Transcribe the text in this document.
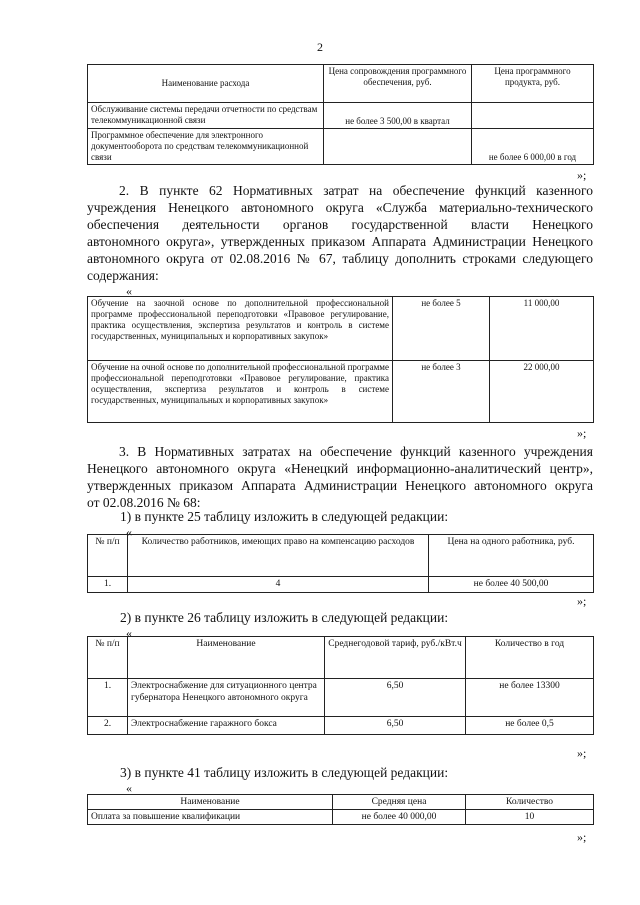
2
Наименование расхода	Цена сопровождения программного обеспечения, руб.	Цена программного продукта, руб.
Обслуживание системы передачи отчетности по средствам телекоммуникационной связи	не более 3 500,00 в квартал	
Программное обеспечение для электронного документооборота по средствам телекоммуникационной связи		не более 6 000,00 в год
»;
2. В пункте 62 Нормативных затрат на обеспечение функций казенного
учреждения Ненецкого автономного округа «Служба материально-технического
обеспечения деятельности органов государственной власти Ненецкого
автономного округа», утвержденных приказом Аппарата Администрации Ненецкого
автономного округа от 02.08.2016 № 67, таблицу дополнить строками следующего
содержания:
«
Обучение на заочной основе по дополнительной профессиональной программе профессиональной переподготовки «Правовое регулирование, практика осуществления, экспертиза результатов и контроль в системе государственных, муниципальных и корпоративных закупок»	не более 5	11 000,00
Обучение на очной основе по дополнительной профессиональной программе профессиональной переподготовки «Правовое регулирование, практика осуществления, экспертиза результатов и контроль в системе государственных, муниципальных и корпоративных закупок»	не более 3	22 000,00
»;
3. В Нормативных затратах на обеспечение функций казенного учреждения
Ненецкого автономного округа «Ненецкий информационно-аналитический центр»,
утвержденных приказом Аппарата Администрации Ненецкого автономного округа
от 02.08.2016 № 68:
1) в пункте 25 таблицу изложить в следующей редакции:
«
№ п/п	Количество работников, имеющих право на компенсацию расходов	Цена на одного работника, руб.
1.	4	не более 40 500,00
»;
2) в пункте 26 таблицу изложить в следующей редакции:
«
№ п/п	Наименование	Среднегодовой тариф, руб./кВт.ч	Количество в год
1.	Электроснабжение для ситуационного центра губернатора Ненецкого автономного округа	6,50	не более 13300
2.	Электроснабжение гаражного бокса	6,50	не более 0,5
»;
3) в пункте 41 таблицу изложить в следующей редакции:
«
Наименование	Средняя цена	Количество
Оплата за повышение квалификации	не более 40 000,00	10
»;
